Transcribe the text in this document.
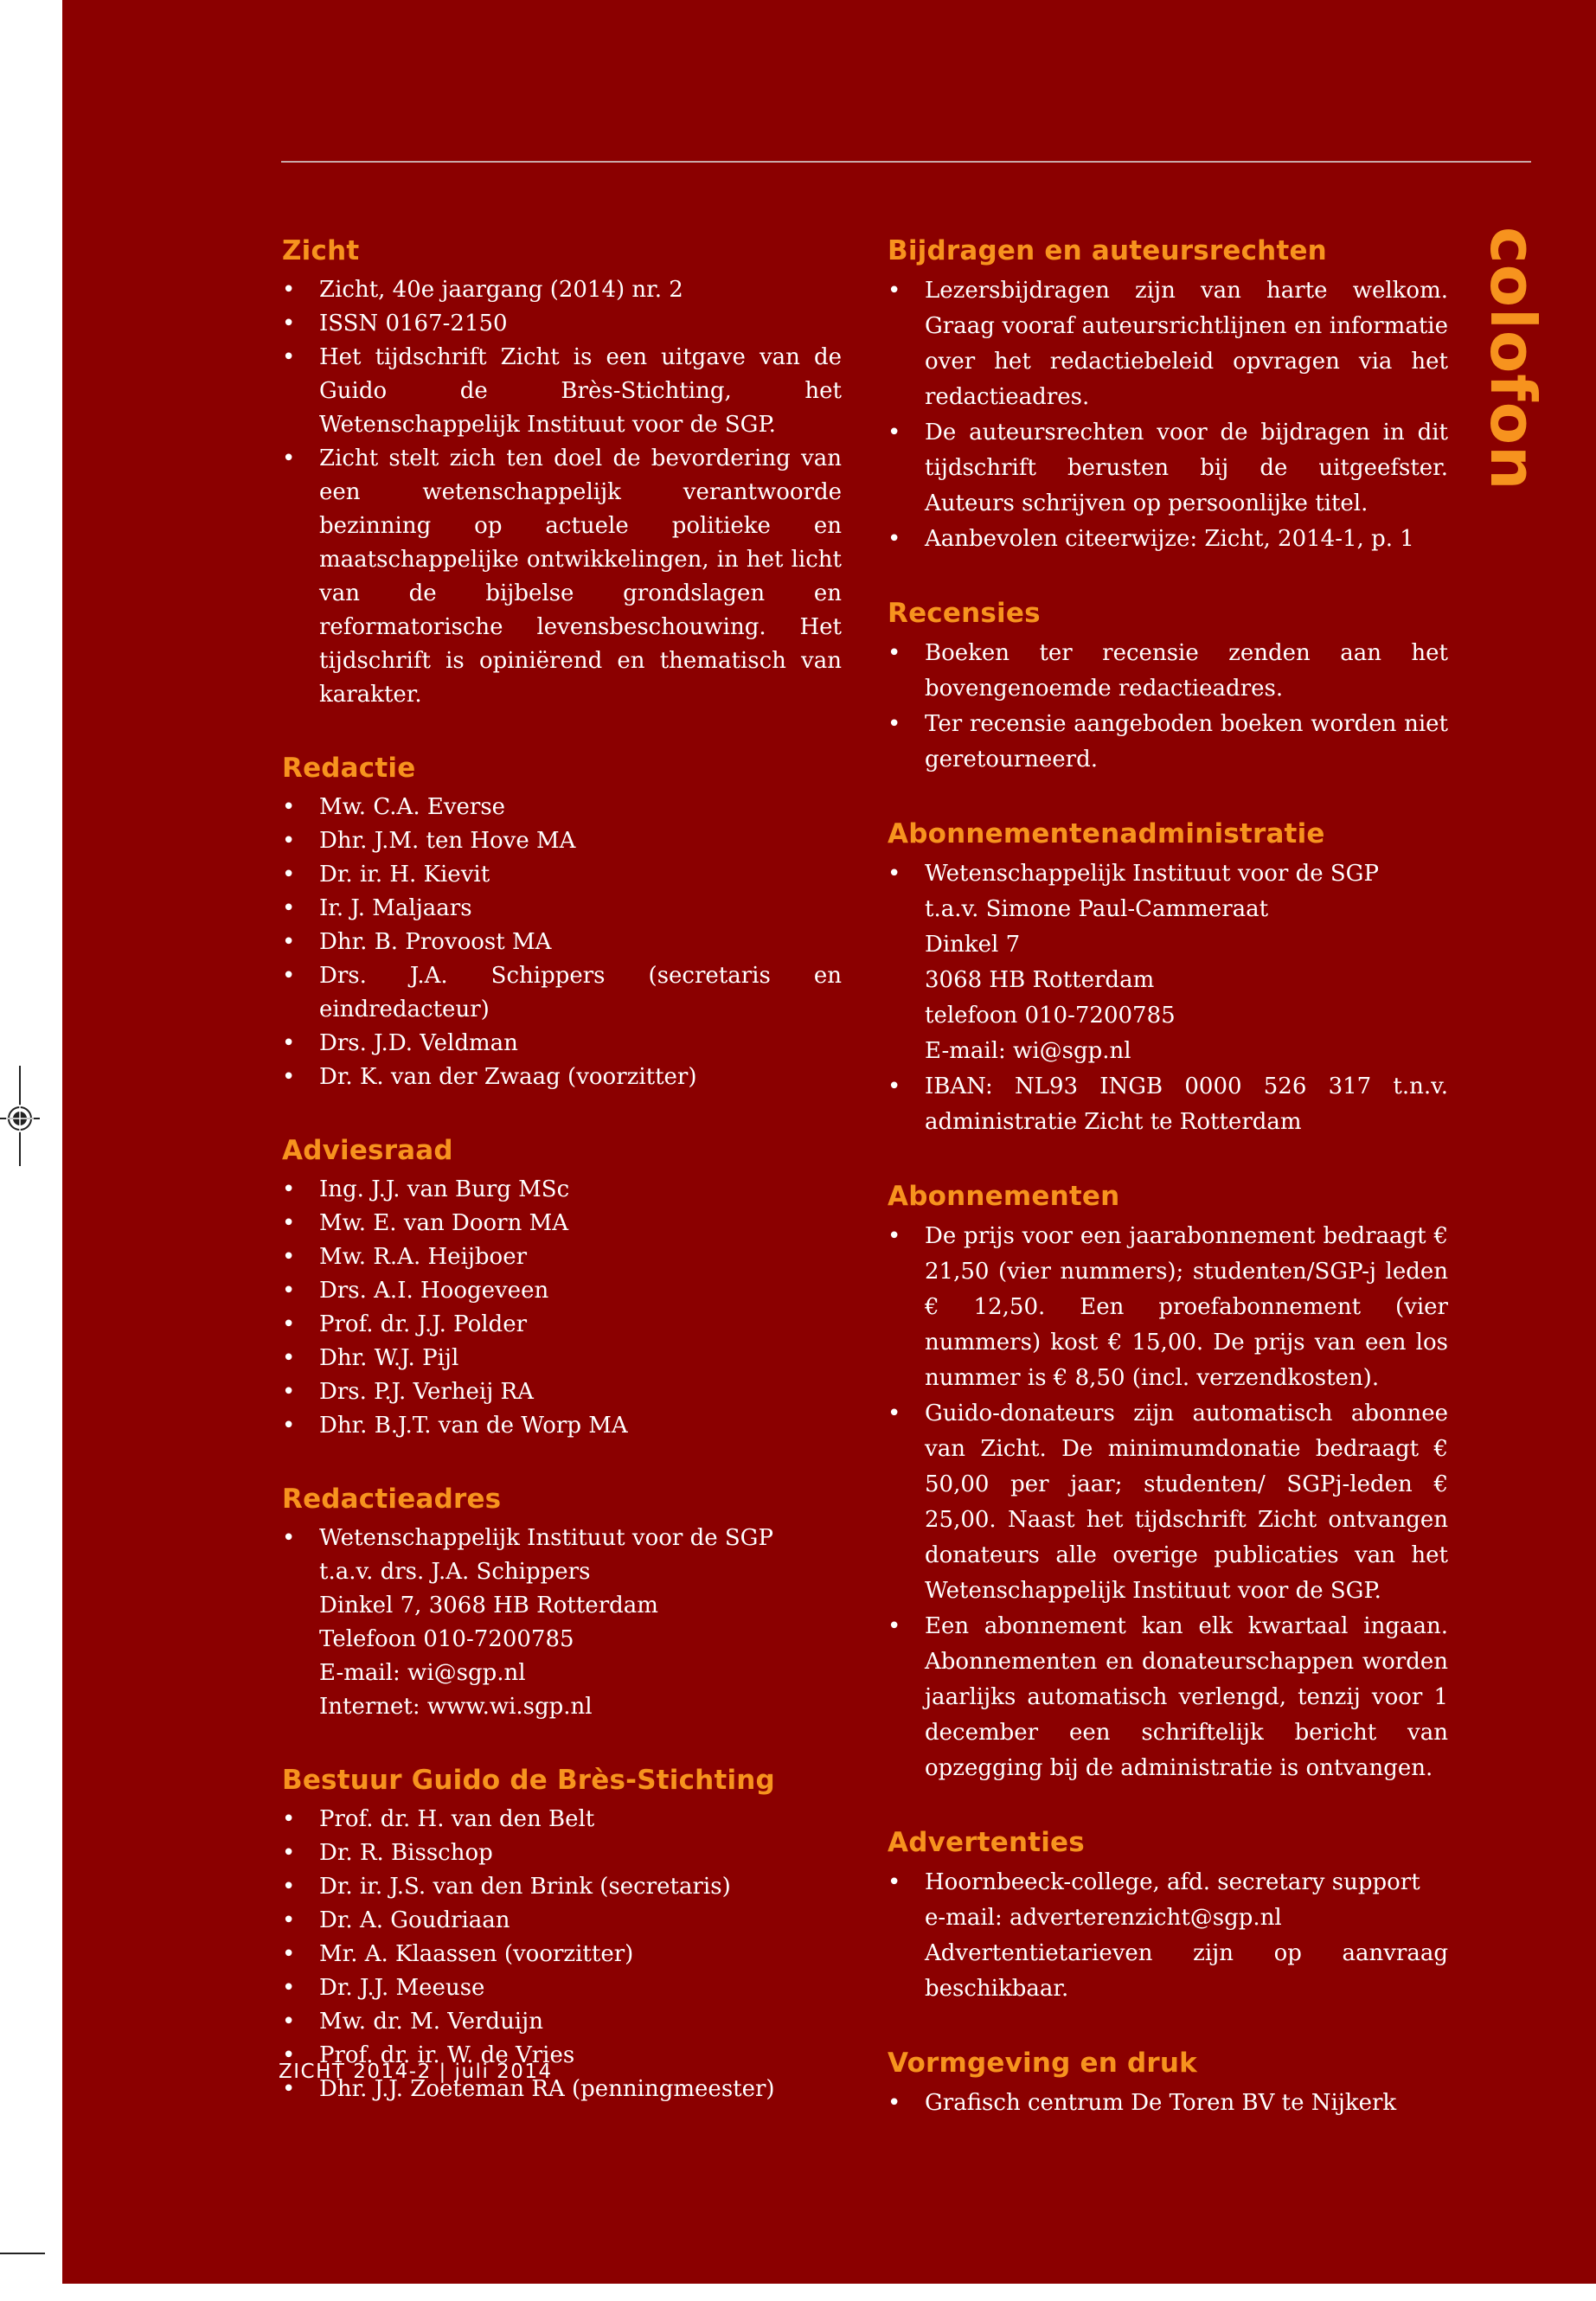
Zicht
• Zicht, 40e jaargang (2014) nr. 2
• ISSN 0167-2150
• Het tijdschrift Zicht is een uitgave van de Guido de Brès-Stichting, het Wetenschappelijk Instituut voor de SGP.
• Zicht stelt zich ten doel de bevordering van een wetenschappelijk verantwoorde bezinning op actuele politieke en maatschappelijke ontwikkelingen, in het licht van de bijbelse grondslagen en reformatorische levensbeschouwing. Het tijdschrift is opiniërend en thematisch van karakter.
Redactie
• Mw. C.A. Everse
• Dhr. J.M. ten Hove MA
• Dr. ir. H. Kievit
• Ir. J. Maljaars
• Dhr. B. Provoost MA
• Drs. J.A. Schippers (secretaris en eindredacteur)
• Drs. J.D. Veldman
• Dr. K. van der Zwaag (voorzitter)
Adviesraad
• Ing. J.J. van Burg MSc
• Mw. E. van Doorn MA
• Mw. R.A. Heijboer
• Drs. A.I. Hoogeveen
• Prof. dr. J.J. Polder
• Dhr. W.J. Pijl
• Drs. P.J. Verheij RA
• Dhr. B.J.T. van de Worp MA
Redactieadres
• Wetenschappelijk Instituut voor de SGP
t.a.v. drs. J.A. Schippers
Dinkel 7, 3068 HB Rotterdam
Telefoon 010-7200785
E-mail: wi@sgp.nl
Internet: www.wi.sgp.nl
Bestuur Guido de Brès-Stichting
• Prof. dr. H. van den Belt
• Dr. R. Bisschop
• Dr. ir. J.S. van den Brink (secretaris)
• Dr. A. Goudriaan
• Mr. A. Klaassen (voorzitter)
• Dr. J.J. Meeuse
• Mw. dr. M. Verduijn
• Prof. dr. ir. W. de Vries
• Dhr. J.J. Zoeteman RA (penningmeester)
Bijdragen en auteursrechten
• Lezersbijdragen zijn van harte welkom. Graag vooraf auteursrichtlijnen en informatie over het redactiebeleid opvragen via het redactieadres.
• De auteursrechten voor de bijdragen in dit tijdschrift berusten bij de uitgeefster. Auteurs schrijven op persoonlijke titel.
• Aanbevolen citeerwijze: Zicht, 2014-1, p. 1
Recensies
• Boeken ter recensie zenden aan het bovengenoemde redactieadres.
• Ter recensie aangeboden boeken worden niet geretourneerd.
Abonnementenadministratie
• Wetenschappelijk Instituut voor de SGP
t.a.v. Simone Paul-Cammeraat
Dinkel 7
3068 HB Rotterdam
telefoon 010-7200785
E-mail: wi@sgp.nl
• IBAN: NL93 INGB 0000 526 317 t.n.v. administratie Zicht te Rotterdam
Abonnementen
• De prijs voor een jaarabonnement bedraagt € 21,50 (vier nummers); studenten/SGP-j leden € 12,50. Een proefabonnement (vier nummers) kost € 15,00. De prijs van een los nummer is € 8,50 (incl. verzendkosten).
• Guido-donateurs zijn automatisch abonnee van Zicht. De minimumdonatie bedraagt € 50,00 per jaar; studenten/ SGPj-leden € 25,00. Naast het tijdschrift Zicht ontvangen donateurs alle overige publicaties van het Wetenschappelijk Instituut voor de SGP.
• Een abonnement kan elk kwartaal ingaan. Abonnementen en donateurschappen worden jaarlijks automatisch verlengd, tenzij voor 1 december een schriftelijk bericht van opzegging bij de administratie is ontvangen.
Advertenties
• Hoornbeeck-college, afd. secretary support
e-mail: adverterenzicht@sgp.nl
Advertentietarieven zijn op aanvraag beschikbaar.
Vormgeving en druk
• Grafisch centrum De Toren BV te Nijkerk
colofon
ZICHT 2014-2 | juli 2014
